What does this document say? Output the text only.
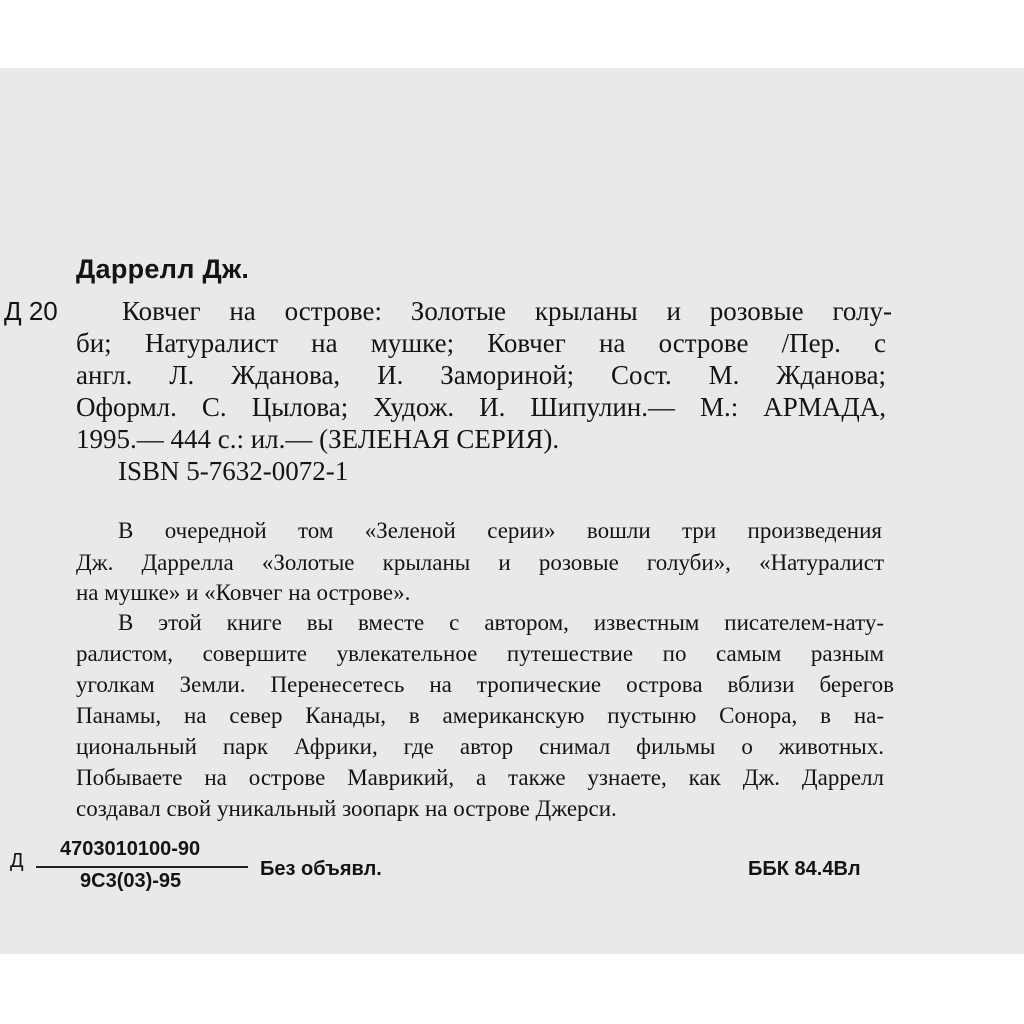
Даррелл Дж.
Д 20 Ковчег на острове: Золотые крыланы и розовые голу-
би; Натуралист на мушке; Ковчег на острове /Пер. с
англ. Л. Жданова, И. Замориной; Сост. М. Жданова;
Оформл. С. Цылова; Худож. И. Шипулин.— М.: АРМАДА,
1995.— 444 с.: ил.— (ЗЕЛЕНАЯ СЕРИЯ).
ISBN 5-7632-0072-1
В очередной том «Зеленой серии» вошли три произведения
Дж. Даррелла «Золотые крыланы и розовые голуби», «Натуралист
на мушке» и «Ковчег на острове».
В этой книге вы вместе с автором, известным писателем-нату-
ралистом, совершите увлекательное путешествие по самым разным
уголкам Земли. Перенесетесь на тропические острова вблизи берегов
Панамы, на север Канады, в американскую пустыню Сонора, в на-
циональный парк Африки, где автор снимал фильмы о животных.
Побываете на острове Маврикий, а также узнаете, как Дж. Даррелл
создавал свой уникальный зоопарк на острове Джерси.
Д
4703010100-90
9С3(03)-95
Без объявл.	ББК 84.4Вл
